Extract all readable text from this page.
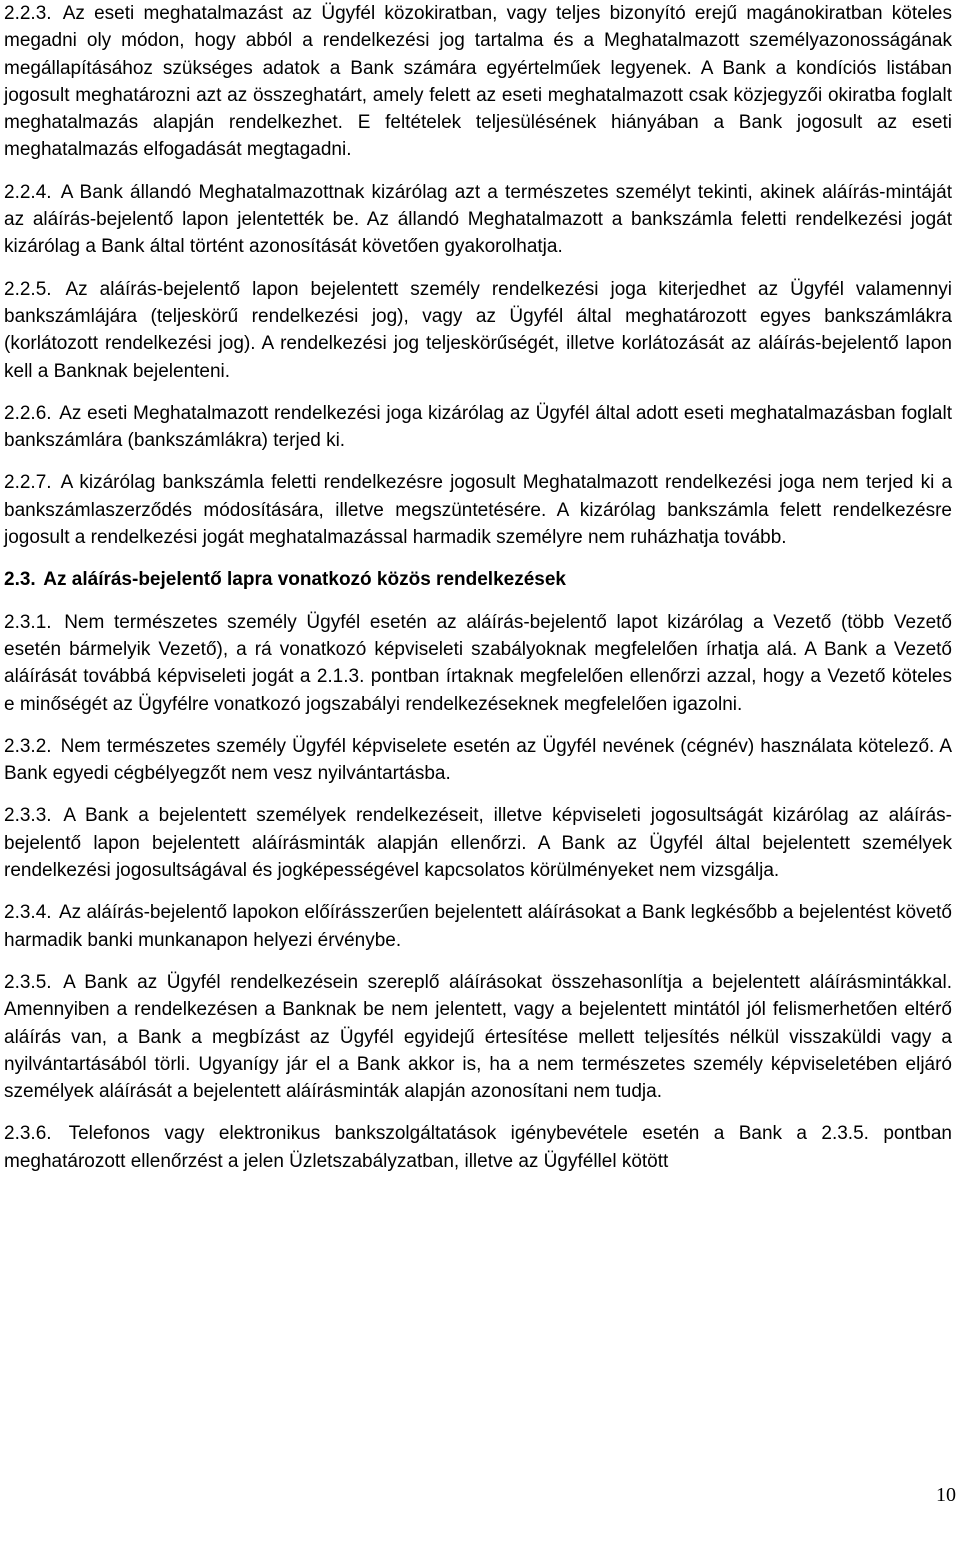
2.2.3. Az eseti meghatalmazást az Ügyfél közokiratban, vagy teljes bizonyító erejű magánokiratban köteles megadni oly módon, hogy abból a rendelkezési jog tartalma és a Meghatalmazott személyazonosságának megállapításához szükséges adatok a Bank számára egyértelműek legyenek. A Bank a kondíciós listában jogosult meghatározni azt az összeghatárt, amely felett az eseti meghatalmazott csak közjegyzői okiratba foglalt meghatalmazás alapján rendelkezhet. E feltételek teljesülésének hiányában a Bank jogosult az eseti meghatalmazás elfogadását megtagadni.

2.2.4. A Bank állandó Meghatalmazottnak kizárólag azt a természetes személyt tekinti, akinek aláírás-mintáját az aláírás-bejelentő lapon jelentették be. Az állandó Meghatalmazott a bankszámla feletti rendelkezési jogát kizárólag a Bank által történt azonosítását követően gyakorolhatja.

2.2.5. Az aláírás-bejelentő lapon bejelentett személy rendelkezési joga kiterjedhet az Ügyfél valamennyi bankszámlájára (teljeskörű rendelkezési jog), vagy az Ügyfél által meghatározott egyes bankszámlákra (korlátozott rendelkezési jog). A rendelkezési jog teljeskörűségét, illetve korlátozását az aláírás-bejelentő lapon kell a Banknak bejelenteni.

2.2.6. Az eseti Meghatalmazott rendelkezési joga kizárólag az Ügyfél által adott eseti meghatalmazásban foglalt bankszámlára (bankszámlákra) terjed ki.

2.2.7. A kizárólag bankszámla feletti rendelkezésre jogosult Meghatalmazott rendelkezési joga nem terjed ki a bankszámlaszerződés módosítására, illetve megszüntetésére. A kizárólag bankszámla felett rendelkezésre jogosult a rendelkezési jogát meghatalmazással harmadik személyre nem ruházhatja tovább.

2.3. Az aláírás-bejelentő lapra vonatkozó közös rendelkezések

2.3.1. Nem természetes személy Ügyfél esetén az aláírás-bejelentő lapot kizárólag a Vezető (több Vezető esetén bármelyik Vezető), a rá vonatkozó képviseleti szabályoknak megfelelően írhatja alá. A Bank a Vezető aláírását továbbá képviseleti jogát a 2.1.3. pontban írtaknak megfelelően ellenőrzi azzal, hogy a Vezető köteles e minőségét az Ügyfélre vonatkozó jogszabályi rendelkezéseknek megfelelően igazolni.

2.3.2. Nem természetes személy Ügyfél képviselete esetén az Ügyfél nevének (cégnév) használata kötelező. A Bank egyedi cégbélyegzőt nem vesz nyilvántartásba.

2.3.3. A Bank a bejelentett személyek rendelkezéseit, illetve képviseleti jogosultságát kizárólag az aláírás-bejelentő lapon bejelentett aláírásminták alapján ellenőrzi. A Bank az Ügyfél által bejelentett személyek rendelkezési jogosultságával és jogképességével kapcsolatos körülményeket nem vizsgálja.

2.3.4. Az aláírás-bejelentő lapokon előírásszerűen bejelentett aláírásokat a Bank legkésőbb a bejelentést követő harmadik banki munkanapon helyezi érvénybe.

2.3.5. A Bank az Ügyfél rendelkezésein szereplő aláírásokat összehasonlítja a bejelentett aláírásmintákkal. Amennyiben a rendelkezésen a Banknak be nem jelentett, vagy a bejelentett mintától jól felismerhetően eltérő aláírás van, a Bank a megbízást az Ügyfél egyidejű értesítése mellett teljesítés nélkül visszaküldi vagy a nyilvántartásából törli. Ugyanígy jár el a Bank akkor is, ha a nem természetes személy képviseletében eljáró személyek aláírását a bejelentett aláírásminták alapján azonosítani nem tudja.

2.3.6. Telefonos vagy elektronikus bankszolgáltatások igénybevétele esetén a Bank a 2.3.5. pontban meghatározott ellenőrzést a jelen Üzletszabályzatban, illetve az Ügyféllel kötött

10
